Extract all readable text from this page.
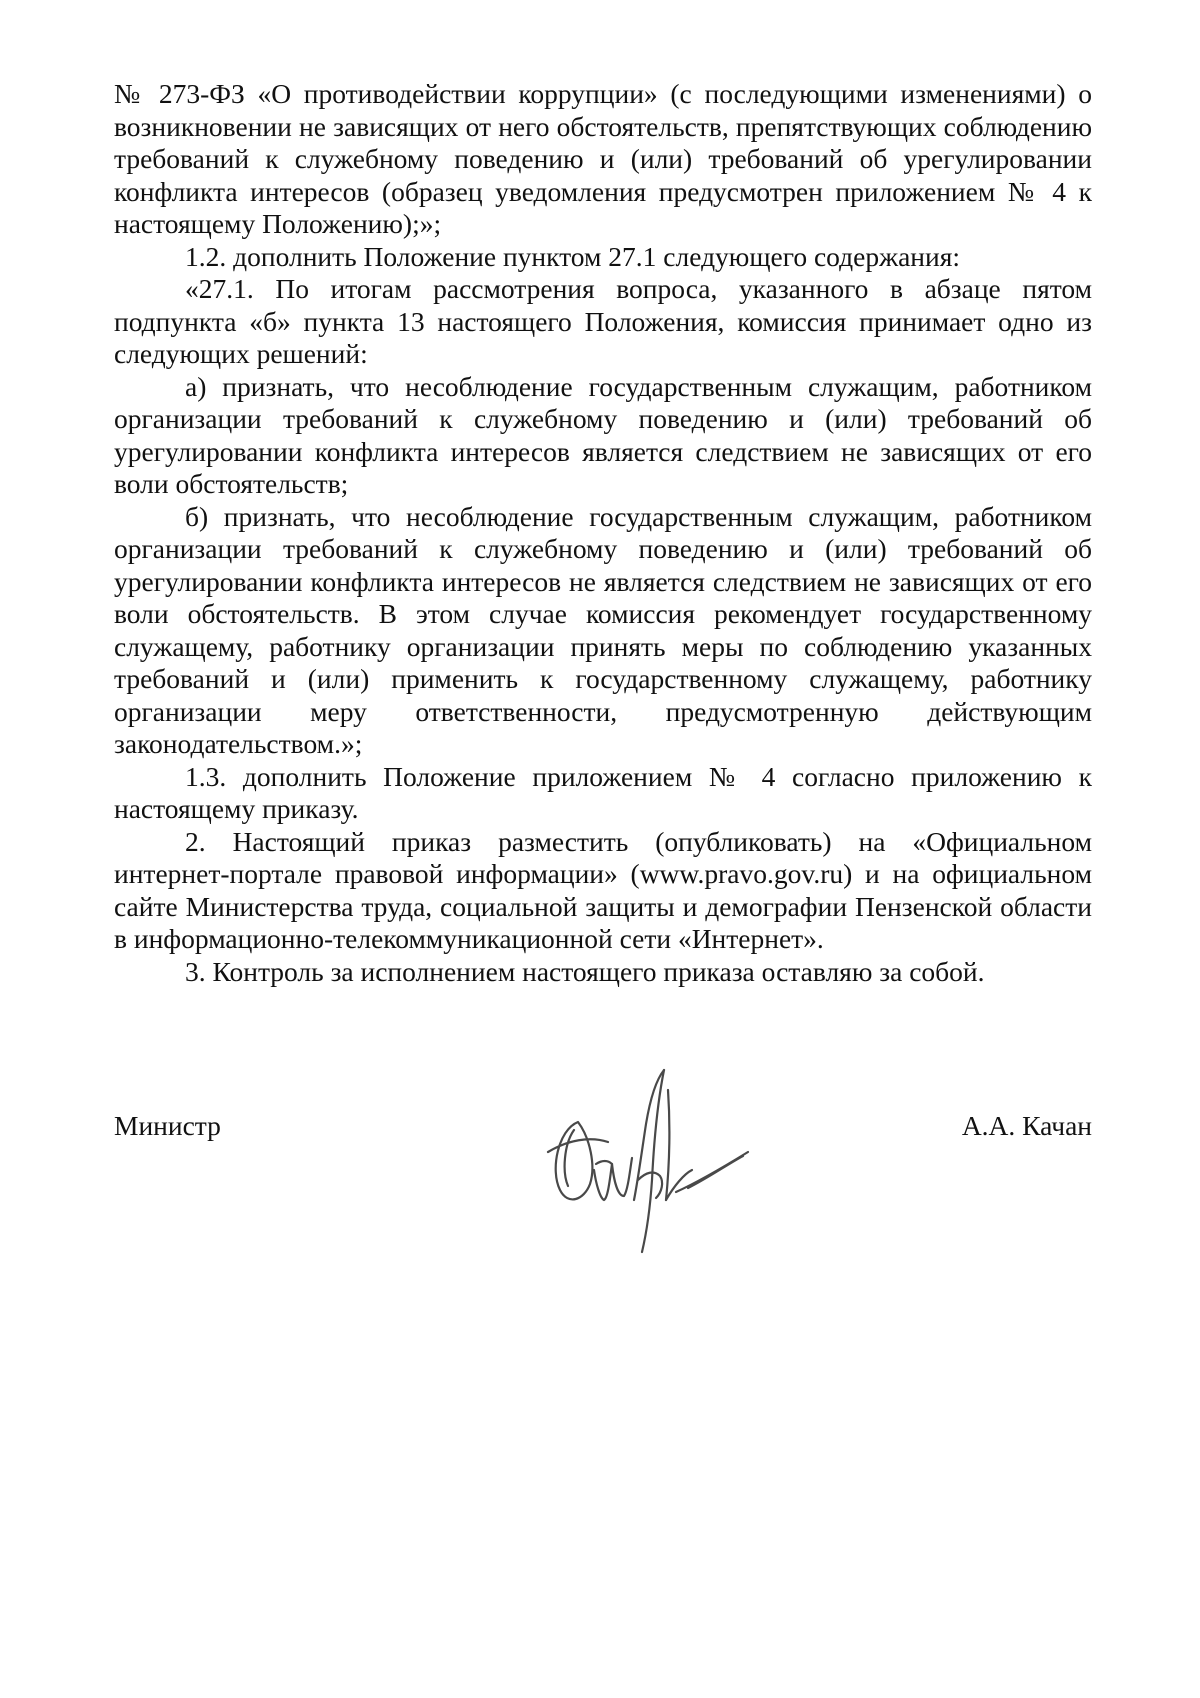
№ 273-ФЗ «О противодействии коррупции» (с последующими изменениями) о возникновении не зависящих от него обстоятельств, препятствующих соблюдению требований к служебному поведению и (или) требований об урегулировании конфликта интересов (образец уведомления предусмотрен приложением № 4 к настоящему Положению);»;

1.2. дополнить Положение пунктом 27.1 следующего содержания:

«27.1. По итогам рассмотрения вопроса, указанного в абзаце пятом подпункта «б» пункта 13 настоящего Положения, комиссия принимает одно из следующих решений:

а) признать, что несоблюдение государственным служащим, работником организации требований к служебному поведению и (или) требований об урегулировании конфликта интересов является следствием не зависящих от его воли обстоятельств;

б) признать, что несоблюдение государственным служащим, работником организации требований к служебному поведению и (или) требований об урегулировании конфликта интересов не является следствием не зависящих от его воли обстоятельств. В этом случае комиссия рекомендует государственному служащему, работнику организации принять меры по соблюдению указанных требований и (или) применить к государственному служащему, работнику организации меру ответственности, предусмотренную действующим законодательством.»;

1.3. дополнить Положение приложением № 4 согласно приложению к настоящему приказу.

2. Настоящий приказ разместить (опубликовать) на «Официальном интернет-портале правовой информации» (www.pravo.gov.ru) и на официальном сайте Министерства труда, социальной защиты и демографии Пензенской области в информационно-телекоммуникационной сети «Интернет».

3. Контроль за исполнением настоящего приказа оставляю за собой.

Министр	А.А. Качан
